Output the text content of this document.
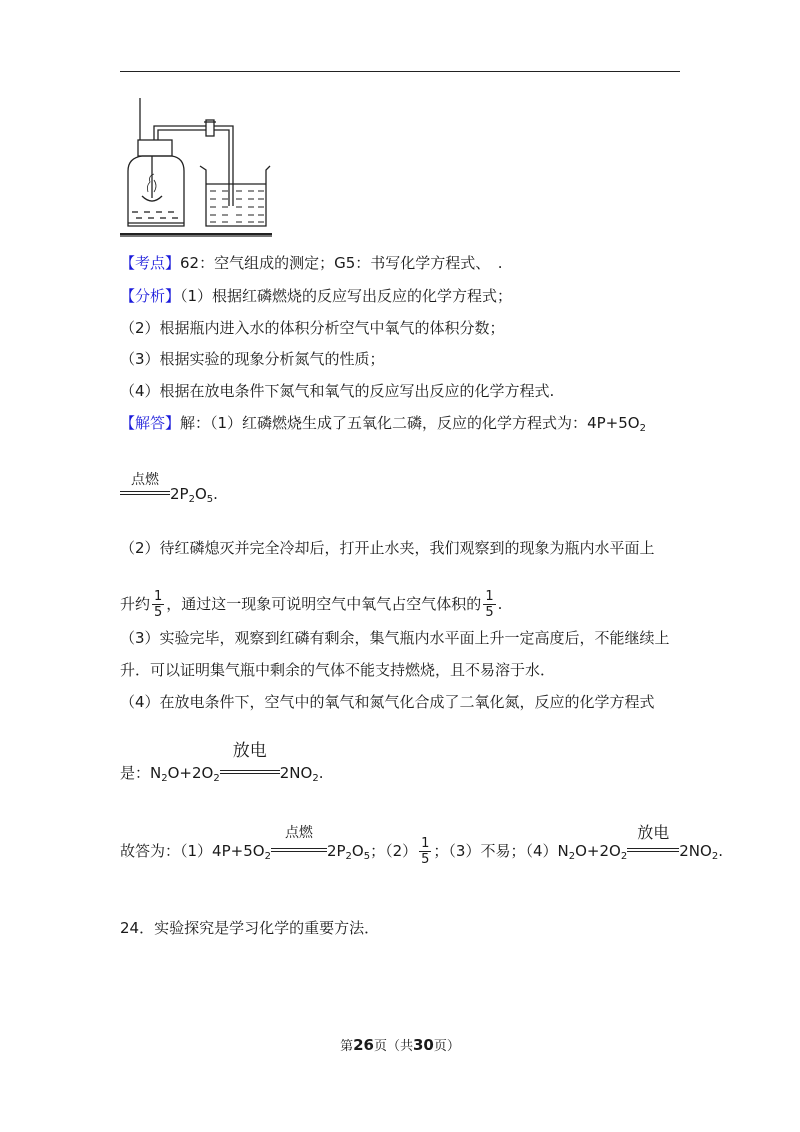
【考点】62：空气组成的测定；G5：书写化学方程式、　.
【分析】（1）根据红磷燃烧的反应写出反应的化学方程式；
（2）根据瓶内进入水的体积分析空气中氧气的体积分数；
（3）根据实验的现象分析氮气的性质；
（4）根据在放电条件下氮气和氧气的反应写出反应的化学方程式.
【解答】解：（1）红磷燃烧生成了五氧化二磷，反应的化学方程式为：$4P+5O_2$
点燃
$2P_2O_5$.
（2）待红磷熄灭并完全冷却后，打开止水夹，我们观察到的现象为瓶内水平面上
升约 $\frac{1}{5}$ ，通过这一现象可说明空气中氧气占空气体积的 $\frac{1}{5}$ .
（3）实验完毕，观察到红磷有剩余，集气瓶内水平面上升一定高度后，不能继续上
升．可以证明集气瓶中剩余的气体不能支持燃烧，且不易溶于水．
（4）在放电条件下，空气中的氧气和氮气化合成了二氧化氮，反应的化学方程式
是：$N_2O+2O_2$
放电
$2NO_2$.
故答为：$(1)4P+5O_2$
点燃
$2P_2O_5$；$(2) \frac{1}{5}$ ；（3）不易；$(4)N_2O+2O_2$
放电
$2NO_2$.
24．实验探究是学习化学的重要方法．
第26页（共30页）
